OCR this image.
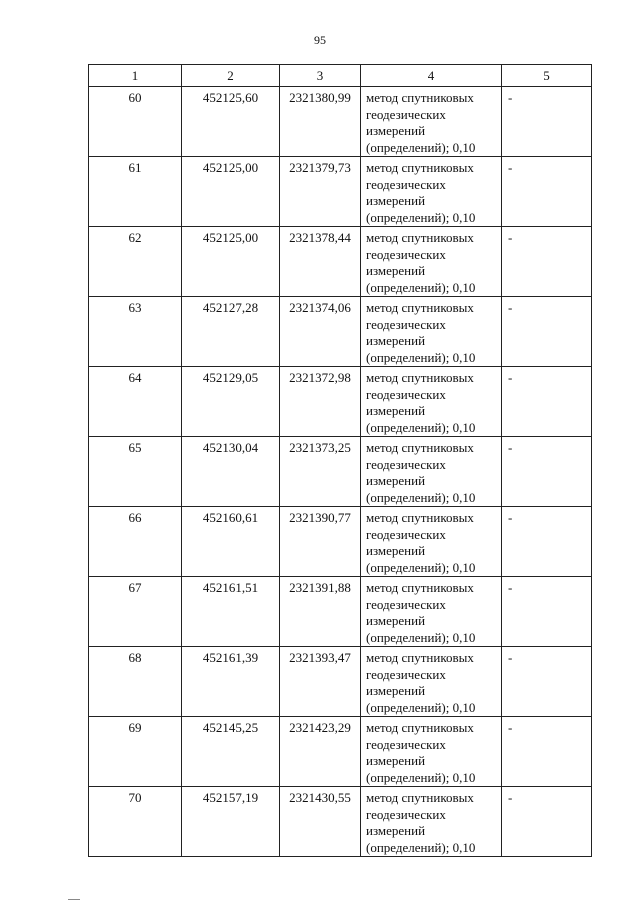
95
1	2	3	4	5
60	452125,60	2321380,99	метод спутниковых геодезических измерений (определений); 0,10	-
61	452125,00	2321379,73	метод спутниковых геодезических измерений (определений); 0,10	-
62	452125,00	2321378,44	метод спутниковых геодезических измерений (определений); 0,10	-
63	452127,28	2321374,06	метод спутниковых геодезических измерений (определений); 0,10	-
64	452129,05	2321372,98	метод спутниковых геодезических измерений (определений); 0,10	-
65	452130,04	2321373,25	метод спутниковых геодезических измерений (определений); 0,10	-
66	452160,61	2321390,77	метод спутниковых геодезических измерений (определений); 0,10	-
67	452161,51	2321391,88	метод спутниковых геодезических измерений (определений); 0,10	-
68	452161,39	2321393,47	метод спутниковых геодезических измерений (определений); 0,10	-
69	452145,25	2321423,29	метод спутниковых геодезических измерений (определений); 0,10	-
70	452157,19	2321430,55	метод спутниковых геодезических измерений (определений); 0,10	-
